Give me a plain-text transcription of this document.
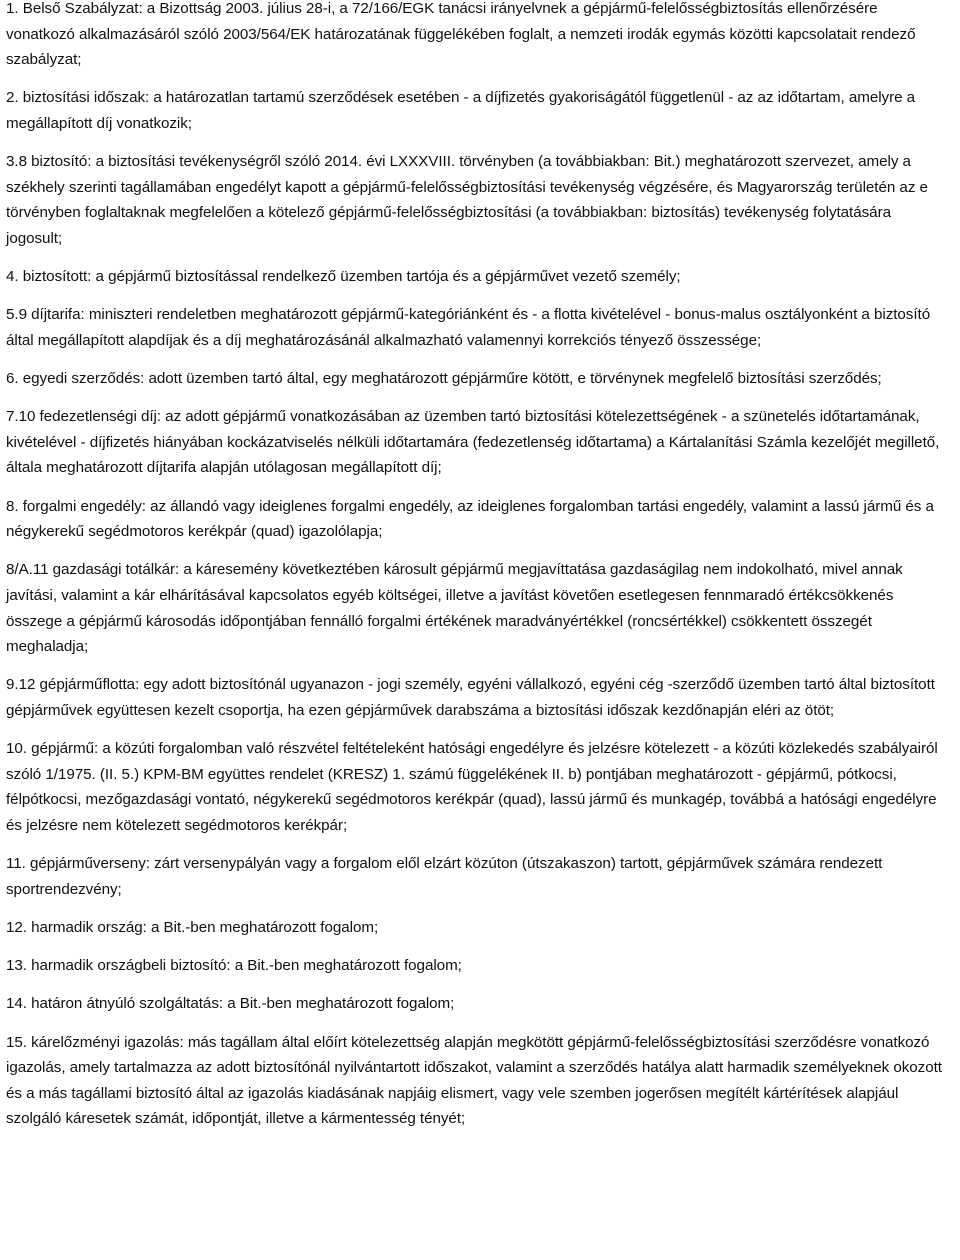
1. Belső Szabályzat: a Bizottság 2003. július 28-i, a 72/166/EGK tanácsi irányelvnek a gépjármű-felelősségbiztosítás ellenőrzésére vonatkozó alkalmazásáról szóló 2003/564/EK határozatának függelékében foglalt, a nemzeti irodák egymás közötti kapcsolatait rendező szabályzat;

2. biztosítási időszak: a határozatlan tartamú szerződések esetében - a díjfizetés gyakoriságától függetlenül - az az időtartam, amelyre a megállapított díj vonatkozik;

3.8 biztosító: a biztosítási tevékenységről szóló 2014. évi LXXXVIII. törvényben (a továbbiakban: Bit.) meghatározott szervezet, amely a székhely szerinti tagállamában engedélyt kapott a gépjármű-felelősségbiztosítási tevékenység végzésére, és Magyarország területén az e törvényben foglaltaknak megfelelően a kötelező gépjármű-felelősségbiztosítási (a továbbiakban: biztosítás) tevékenység folytatására jogosult;

4. biztosított: a gépjármű biztosítással rendelkező üzemben tartója és a gépjárművet vezető személy;

5.9 díjtarifa: miniszteri rendeletben meghatározott gépjármű-kategóriánként és - a flotta kivételével - bonus-malus osztályonként a biztosító által megállapított alapdíjak és a díj meghatározásánál alkalmazható valamennyi korrekciós tényező összessége;

6. egyedi szerződés: adott üzemben tartó által, egy meghatározott gépjárműre kötött, e törvénynek megfelelő biztosítási szerződés;

7.10 fedezetlenségi díj: az adott gépjármű vonatkozásában az üzemben tartó biztosítási kötelezettségének - a szünetelés időtartamának, kivételével - díjfizetés hiányában kockázatviselés nélküli időtartamára (fedezetlenség időtartama) a Kártalanítási Számla kezelőjét megillető, általa meghatározott díjtarifa alapján utólagosan megállapított díj;

8. forgalmi engedély: az állandó vagy ideiglenes forgalmi engedély, az ideiglenes forgalomban tartási engedély, valamint a lassú jármű és a négykerekű segédmotoros kerékpár (quad) igazolólapja;

8/A.11 gazdasági totálkár: a káresemény következtében károsult gépjármű megjavíttatása gazdaságilag nem indokolható, mivel annak javítási, valamint a kár elhárításával kapcsolatos egyéb költségei, illetve a javítást követően esetlegesen fennmaradó értékcsökkenés összege a gépjármű károsodás időpontjában fennálló forgalmi értékének maradványértékkel (roncsértékkel) csökkentett összegét meghaladja;

9.12 gépjárműflotta: egy adott biztosítónál ugyanazon - jogi személy, egyéni vállalkozó, egyéni cég -szerződő üzemben tartó által biztosított gépjárművek együttesen kezelt csoportja, ha ezen gépjárművek darabszáma a biztosítási időszak kezdőnapján eléri az ötöt;

10. gépjármű: a közúti forgalomban való részvétel feltételeként hatósági engedélyre és jelzésre kötelezett - a közúti közlekedés szabályairól szóló 1/1975. (II. 5.) KPM-BM együttes rendelet (KRESZ) 1. számú függelékének II. b) pontjában meghatározott - gépjármű, pótkocsi, félpótkocsi, mezőgazdasági vontató, négykerekű segédmotoros kerékpár (quad), lassú jármű és munkagép, továbbá a hatósági engedélyre és jelzésre nem kötelezett segédmotoros kerékpár;

11. gépjárműverseny: zárt versenypályán vagy a forgalom elől elzárt közúton (útszakaszon) tartott, gépjárművek számára rendezett sportrendezvény;

12. harmadik ország: a Bit.-ben meghatározott fogalom;

13. harmadik országbeli biztosító: a Bit.-ben meghatározott fogalom;

14. határon átnyúló szolgáltatás: a Bit.-ben meghatározott fogalom;

15. kárelőzményi igazolás: más tagállam által előírt kötelezettség alapján megkötött gépjármű-felelősségbiztosítási szerződésre vonatkozó igazolás, amely tartalmazza az adott biztosítónál nyilvántartott időszakot, valamint a szerződés hatálya alatt harmadik személyeknek okozott és a más tagállami biztosító által az igazolás kiadásának napjáig elismert, vagy vele szemben jogerősen megítélt kártérítések alapjául szolgáló káresetek számát, időpontját, illetve a kármentesség tényét;
